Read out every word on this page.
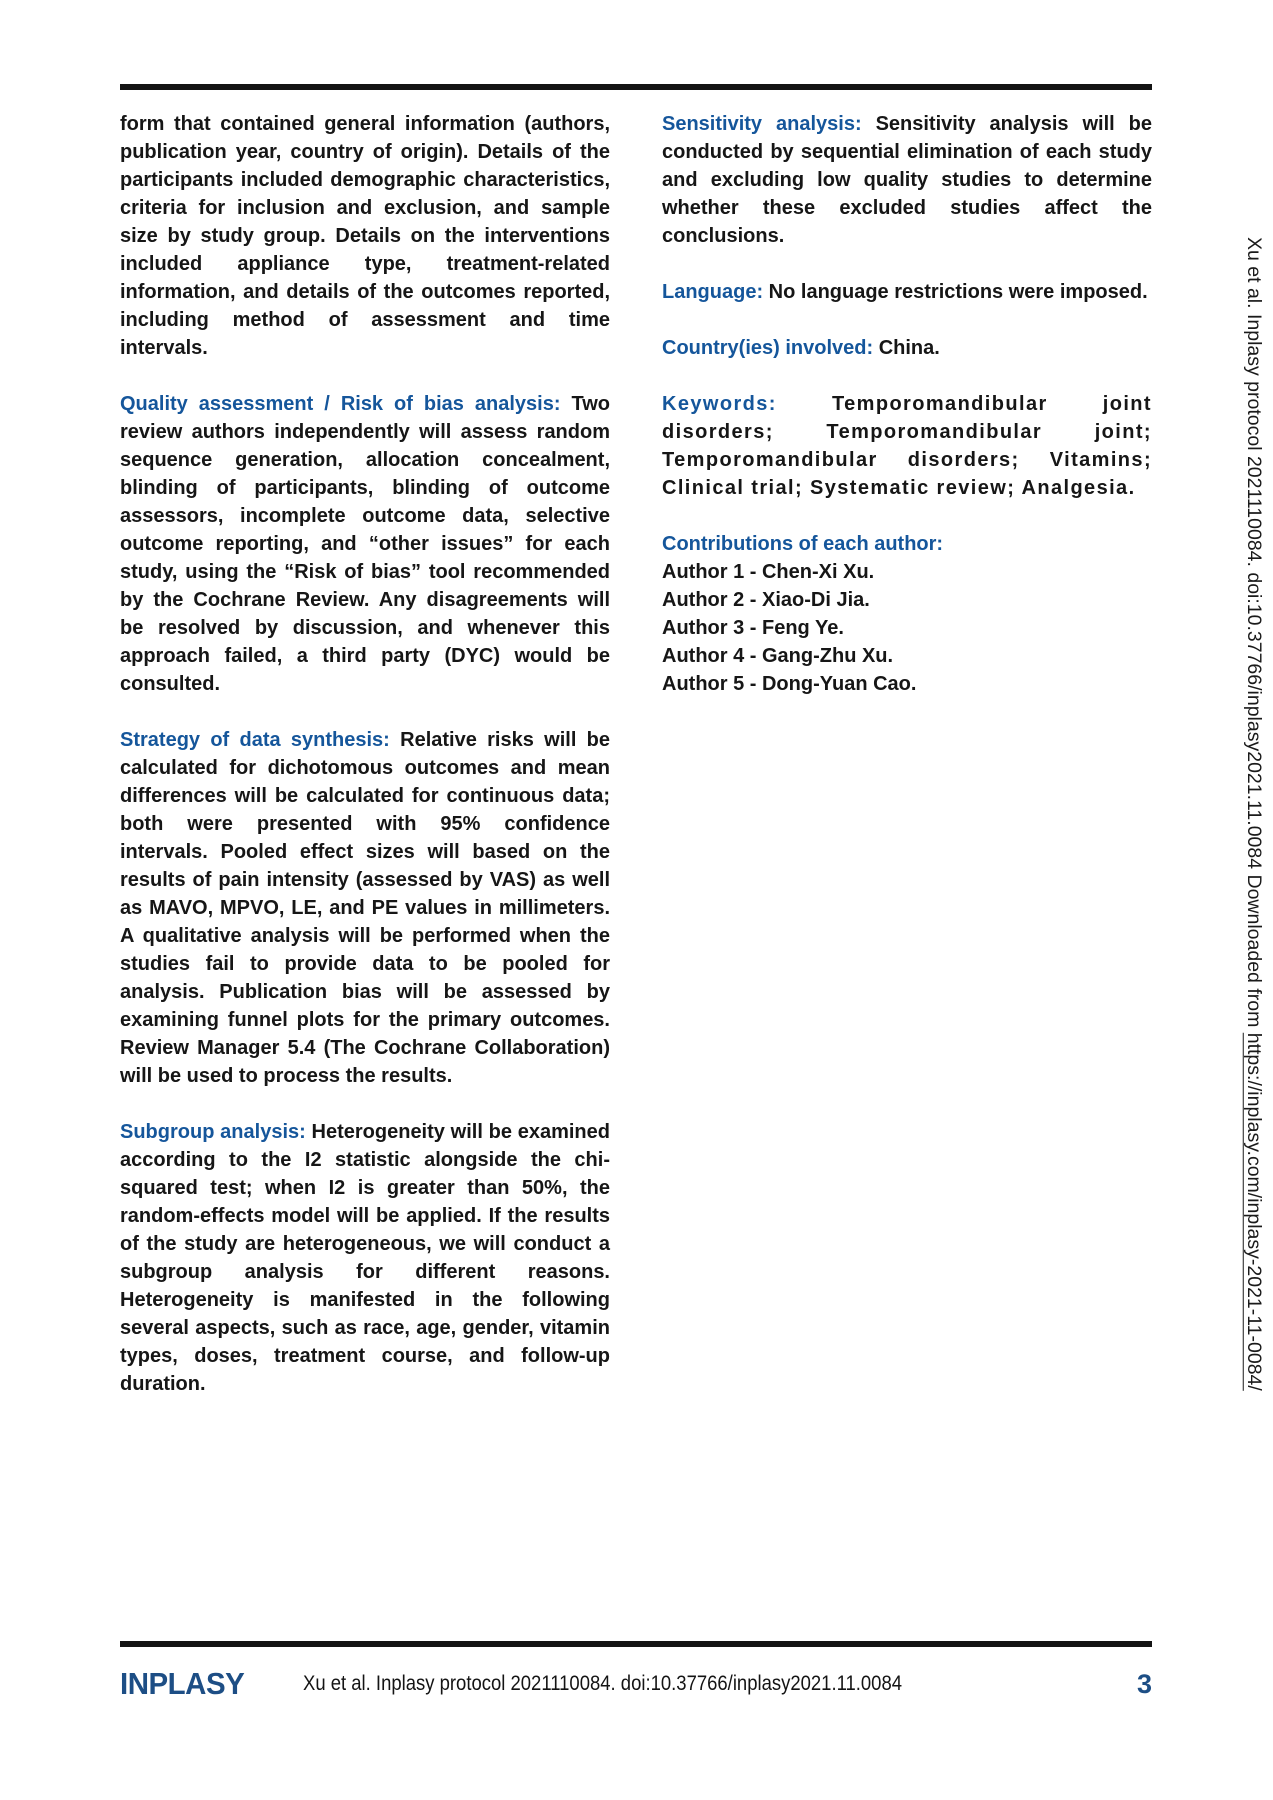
form that contained general information (authors, publication year, country of origin). Details of the participants included demographic characteristics, criteria for inclusion and exclusion, and sample size by study group. Details on the interventions included appliance type, treatment-related information, and details of the outcomes reported, including method of assessment and time intervals.

Quality assessment / Risk of bias analysis: Two review authors independently will assess random sequence generation, allocation concealment, blinding of participants, blinding of outcome assessors, incomplete outcome data, selective outcome reporting, and “other issues” for each study, using the “Risk of bias” tool recommended by the Cochrane Review. Any disagreements will be resolved by discussion, and whenever this approach failed, a third party (DYC) would be consulted.

Strategy of data synthesis: Relative risks will be calculated for dichotomous outcomes and mean differences will be calculated for continuous data; both were presented with 95% confidence intervals. Pooled effect sizes will based on the results of pain intensity (assessed by VAS) as well as MAVO, MPVO, LE, and PE values in millimeters. A qualitative analysis will be performed when the studies fail to provide data to be pooled for analysis. Publication bias will be assessed by examining funnel plots for the primary outcomes. Review Manager 5.4 (The Cochrane Collaboration) will be used to process the results.

Subgroup analysis: Heterogeneity will be examined according to the I2 statistic alongside the chi-squared test; when I2 is greater than 50%, the random-effects model will be applied. If the results of the study are heterogeneous, we will conduct a subgroup analysis for different reasons. Heterogeneity is manifested in the following several aspects, such as race, age, gender, vitamin types, doses, treatment course, and follow-up duration.

Sensitivity analysis: Sensitivity analysis will be conducted by sequential elimination of each study and excluding low quality studies to determine whether these excluded studies affect the conclusions.

Language: No language restrictions were imposed.

Country(ies) involved: China.

Keywords: Temporomandibular joint disorders; Temporomandibular joint; Temporomandibular disorders; Vitamins; Clinical trial; Systematic review; Analgesia.

Contributions of each author:
Author 1 - Chen-Xi Xu.
Author 2 - Xiao-Di Jia.
Author 3 - Feng Ye.
Author 4 - Gang-Zhu Xu.
Author 5 - Dong-Yuan Cao.	Xu et al. Inplasy protocol 2021110084. doi:10.37766/inplasy2021.11.0084 Downloaded from https://inplasy.com/inplasy-2021-11-0084/
INPLASY	Xu et al. Inplasy protocol 2021110084. doi:10.37766/inplasy2021.11.0084	3
